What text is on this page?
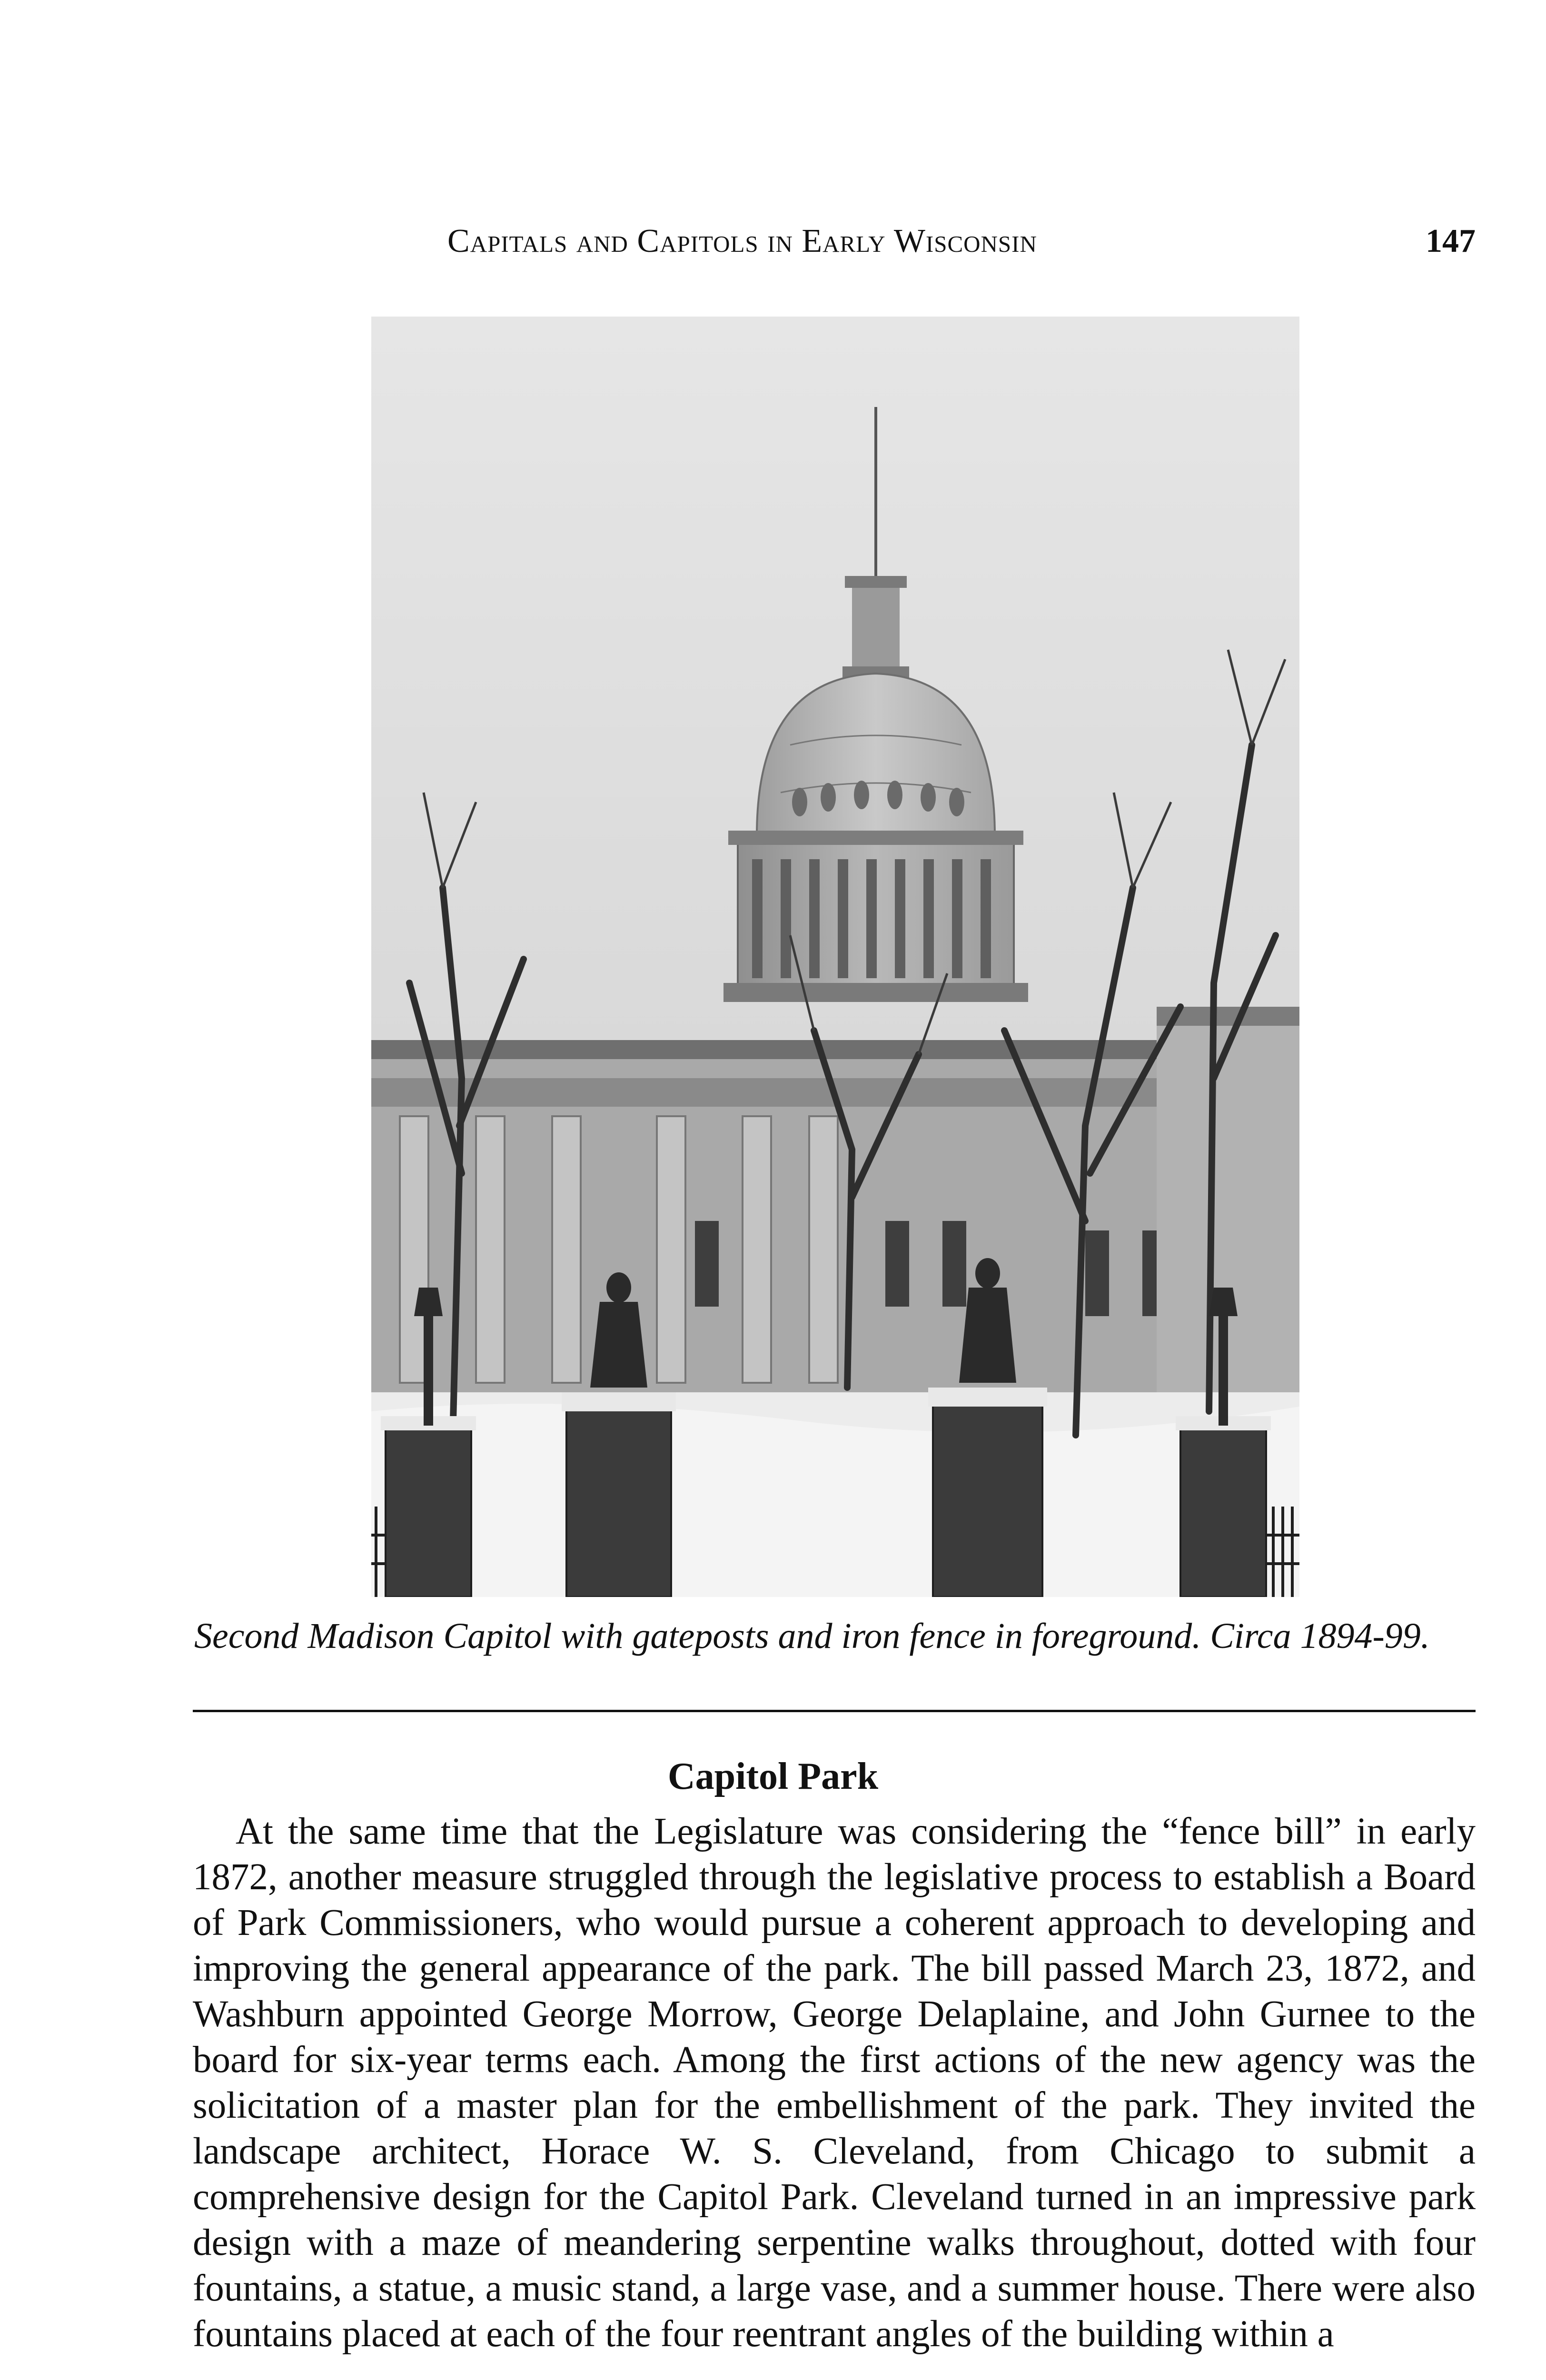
Capitals and Capitols in Early Wisconsin	147
Second Madison Capitol with gateposts and iron fence in foreground. Circa 1894-99.
Capitol Park

At the same time that the Legislature was considering the “fence bill” in early 1872, another measure struggled through the legislative process to establish a Board of Park Commissioners, who would pursue a coherent approach to developing and improving the general appearance of the park. The bill passed March 23, 1872, and Washburn appointed George Morrow, George Delaplaine, and John Gurnee to the board for six-year terms each. Among the first actions of the new agency was the solicitation of a master plan for the embellishment of the park. They invited the landscape architect, Horace W. S. Cleveland, from Chicago to submit a comprehensive design for the Capitol Park. Cleveland turned in an impressive park design with a maze of meandering serpentine walks throughout, dotted with four fountains, a statue, a music stand, a large vase, and a summer house. There were also fountains placed at each of the four reentrant angles of the building within a
